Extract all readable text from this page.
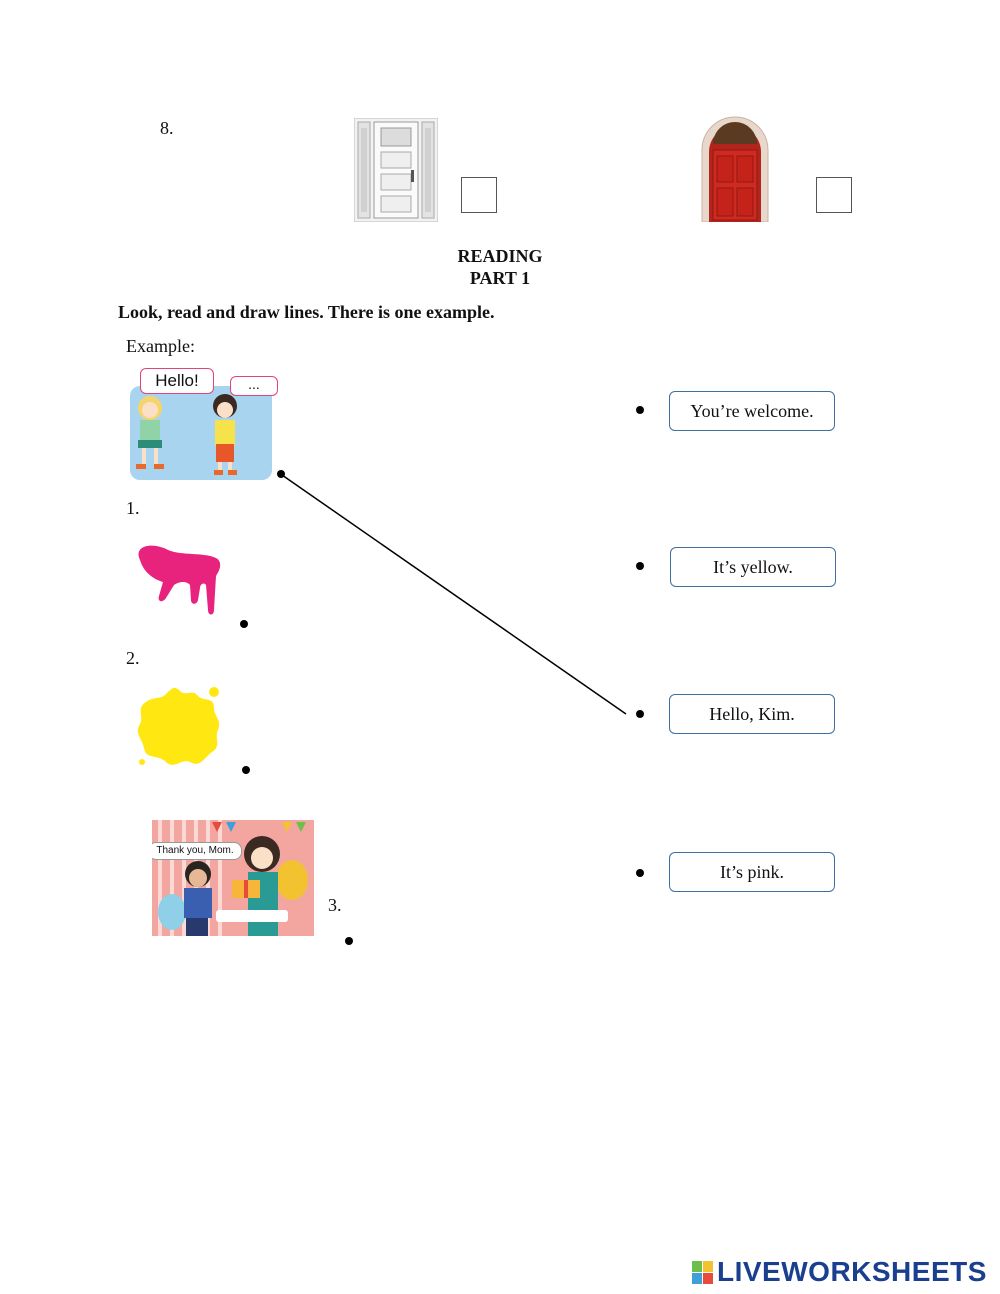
8.
READING
PART 1
Look, read and draw lines. There is one example.
Example:
Hello!	...
1.
2.
Thank you, Mom.
3.
You’re welcome.
It’s yellow.
Hello, Kim.
It’s pink.
LIVEWORKSHEETS
